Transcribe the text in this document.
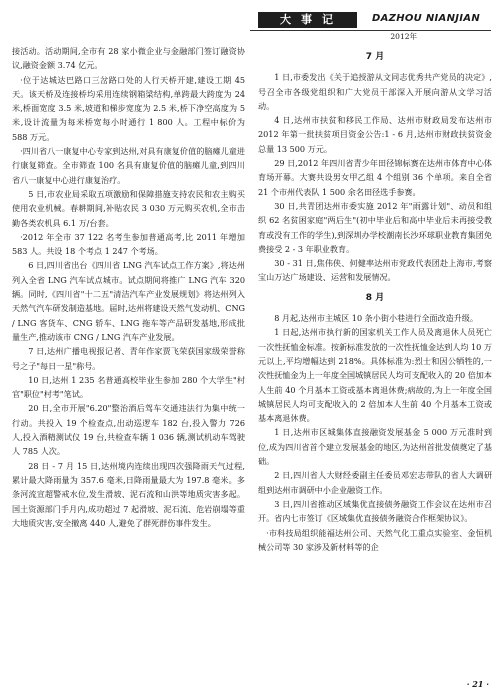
大事记	DAZHOU NIANJIAN
2012年

接活动。活动期间,全市有 28 家小微企业与金融部门签订融资协议,融资金额 3.74 亿元。

·位于达城达巴路口三岔路口处的人行天桥开建,建设工期 45 天。该天桥及连接桥均采用连续钢箱梁结构,单跨最大跨度为 24 米,桥面宽度 3.5 米,坡道和梯步宽度为 2.5 米,桥下净空高度为 5 米,设计流量为每米桥宽每小时通行 1 800 人。工程中标价为 588 万元。

·四川省八一康复中心专家到达州,对具有康复价值的脑瘫儿童进行康复筛查。全市筛查 100 名具有康复价值的脑瘫儿童,到四川省八一康复中心进行康复治疗。

5 日,市农业局采取五项激励和保障措施支持农民和农主购买使用农业机械。春耕期间,补贴农民 3 030 万元购买农机,全市击勤各类农机具 6.1 万/台套。

·2012 年全市 37 122 名考生参加普通高考,比 2011 年增加 583 人。共设 18 个考点 1 247 个考场。

6 日,四川省出台《四川省 LNG 汽车试点工作方案》,将达州列入全省 LNG 汽车试点城市。试点期间将推广 LNG 汽车 320 辆。同时,《四川省"十二五"清洁汽车产业发展规划》将达州列入天然气汽车研发制造基地。届时,达州将建设天然气发动机、CNG / LNG 客货车、CNG 轿车、LNG 拖车等产品研发基地,形成批量生产,推动该市 CNG / LNG 汽车产业发展。

7 日,达州广播电视报记者、青年作家贾飞荣获国家级荣誉称号之子"每日一星"称号。

10 日,达州 1 235 名普通高校毕业生参加 280 个大学生"村官"职位"村考"笔试。

20 日,全市开展"6.20"整治酒后驾车交通违法行为集中统一行动。共投入 19 个检查点,出动巡逻车 182 台,投入警力 726 人,投入酒精测试仪 19 台,共检查车辆 1 036 辆,测试机动车驾驶人 785 人次。

28 日 - 7 月 15 日,达州境内连续出现四次强降雨天气过程,累计最大降雨量为 357.6 毫米,日降雨量最大为 197.8 毫米。多条河流宣超警戒水位,发生滑坡、泥石流和山洪等地质灾害多起。国土资源部门手月内,成功超过 7 起滑坡、泥石流、危岩崩塌等重大地质灾害,安全撤离 440 人,避免了群死群伤事件发生。

7 月

1 日,市委发出《关于追授游从文同志优秀共产党员的决定》,号召全市各级党组织和广大党员干部深入开展向游从文学习活动。

4 日,达州市扶贫和移民工作局、达州市财政局发布达州市 2012 年第一批扶贫项目资金公告:1 - 6 月,达州市财政扶贫资金总量 13 500 万元。

29 日,2012 年四川省青少年田径锦标赛在达州市体育中心体育场开幕。大赛共设男女甲乙组 4 个组别 36 个单项。来自全省 21 个市州代表队 1 500 余名田径选手参赛。

30 日,共青团达州市委实施 2012 年"雨露计划"、动员和组织 62 名贫困家庭"两后生"(初中毕业后和高中毕业后未再接受教育或没有工作的学生),到深圳办学校潮南长沙环球职业教育集团免费接受 2 - 3 年职业教育。

30 - 31 日,焦伟侠、何健率达州市党政代表团赴上海市,考察宝山万达广场建设、运营和发展情况。

8 月

8 月起,达州市主城区 10 条小街小巷进行全面改造升级。

1 日起,达州市执行新的国家机关工作人员及离退休人员死亡一次性抚恤金标准。按新标准发放的一次性抚恤金达到人均 10 万元以上,平均增幅达到 218%。具体标准为:烈士和因公牺牲的,一次性抚恤金为上一年度全国城镇居民人均可支配收入的 20 倍加本人生前 40 个月基本工资或基本离退休费;病故的,为上一年度全国城镇居民人均可支配收入的 2 倍加本人生前 40 个月基本工资或基本离退休费。

1 日,达州市区城集体直接融资发展基金 5 000 万元准时到位,成为四川省首个建立发展基金的地区,为达州首批发债奠定了基础。

2 日,四川省人大财经委副主任委员邓宏志带队的省人大调研组到达州市调研中小企业融资工作。

3 日,四川省推动区域集优直接债务融资工作会议在达州市召开。省内七市签订《区域集优直接债务融资合作框架协议》。

·市科技局组织能福达州公司、天然气化工重点实验室、金恒机械公司等 30 家涉及新材料等的企

· 21 ·
